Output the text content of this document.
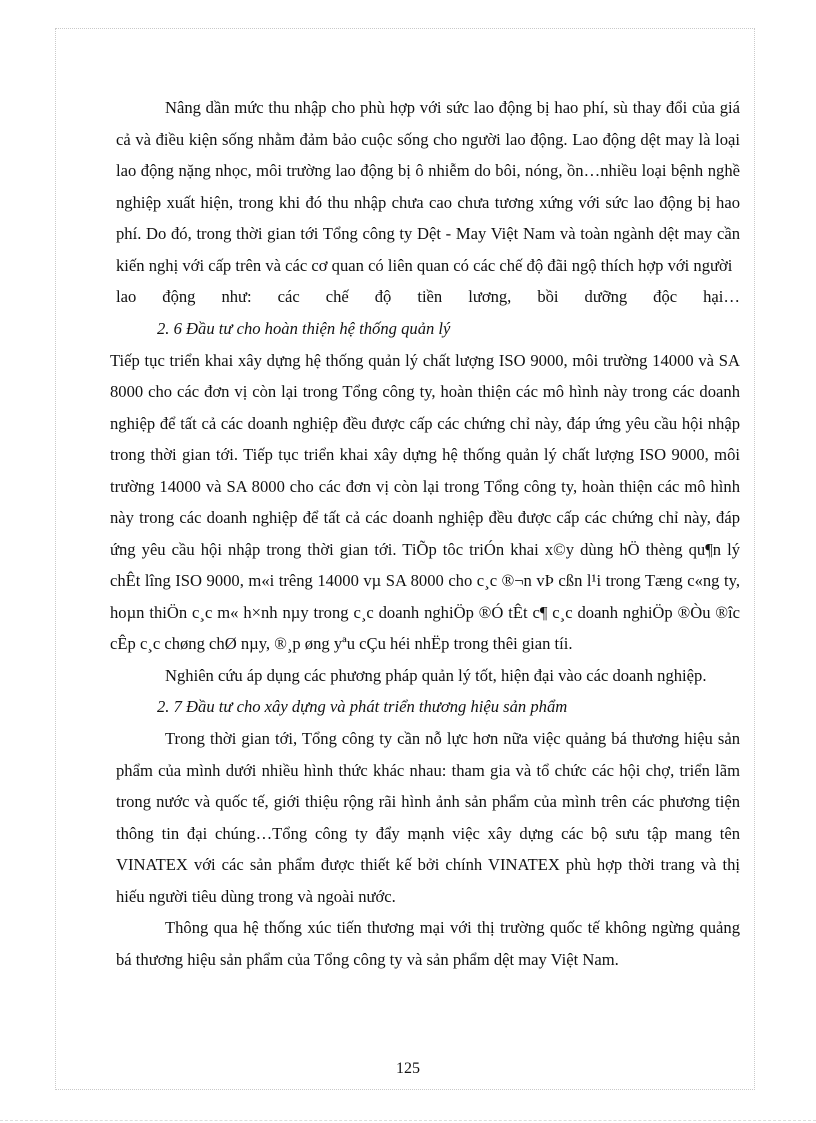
Nâng dần mức thu nhập cho phù hợp với sức lao động bị hao phí, sù thay đổi của giá cả và điều kiện sống nhằm đảm bảo cuộc sống cho người lao động. Lao động dệt may là loại lao động nặng nhọc, môi trường lao động bị ô nhiễm do bôi, nóng, ồn…nhiều loại bệnh nghề nghiệp xuất hiện, trong khi đó thu nhập chưa cao chưa tương xứng với sức lao động bị hao phí. Do đó, trong thời gian tới Tổng công ty Dệt - May Việt Nam và toàn ngành dệt may cần kiến nghị với cấp trên và các cơ quan có liên quan có các chế độ đãi ngộ thích hợp với người

lao động như: các chế độ tiền lương, bồi dưỡng độc hại…

2. 6 Đầu tư cho hoàn thiện hệ thống quản lý

Tiếp tục triển khai xây dựng hệ thống quản lý chất lượng ISO 9000, môi trường 14000 và SA 8000 cho các đơn vị còn lại trong Tổng công ty, hoàn thiện các mô hình này trong các doanh nghiệp để tất cả các doanh nghiệp đều được cấp các chứng chỉ này, đáp ứng yêu cầu hội nhập trong thời gian tới. Tiếp tục triển khai xây dựng hệ thống quản lý chất lượng ISO 9000, môi trường 14000 và SA 8000 cho các đơn vị còn lại trong Tổng công ty, hoàn thiện các mô hình này trong các doanh nghiệp để tất cả các doanh nghiệp đều được cấp các chứng chỉ này, đáp ứng yêu cầu hội nhập trong thời gian tới. TiÕp tôc triÓn khai x©y dùng hÖ thèng qu¶n lý chÊt lîng ISO 9000, m«i trêng 14000 vµ SA 8000 cho c¸c ®¬n vÞ cßn l¹i trong Tæng c«ng ty, hoµn thiÖn c¸c m« h×nh nµy trong c¸c doanh nghiÖp ®Ó tÊt c¶ c¸c doanh nghiÖp ®Òu ®îc cÊp c¸c chøng chØ nµy, ®¸p øng yªu cÇu héi nhËp trong thêi gian tíi.

Nghiên cứu áp dụng các phương pháp quản lý tốt, hiện đại vào các doanh nghiệp.

2. 7 Đầu tư cho xây dựng và phát triển thương hiệu sản phẩm

Trong thời gian tới, Tổng công ty cần nỗ lực hơn nữa việc quảng bá thương hiệu sản phẩm của mình dưới nhiều hình thức khác nhau: tham gia và tổ chức các hội chợ, triển lãm trong nước và quốc tế, giới thiệu rộng rãi hình ảnh sản phẩm của mình trên các phương tiện thông tin đại chúng…Tổng công ty đẩy mạnh việc xây dựng các bộ sưu tập mang tên VINATEX với các sản phẩm được thiết kế bởi chính VINATEX phù hợp thời trang và thị hiếu người tiêu dùng trong và ngoài nước.

Thông qua hệ thống xúc tiến thương mại với thị trường quốc tế không ngừng quảng bá thương hiệu sản phẩm của Tổng công ty và sản phẩm dệt may Việt Nam.

125
